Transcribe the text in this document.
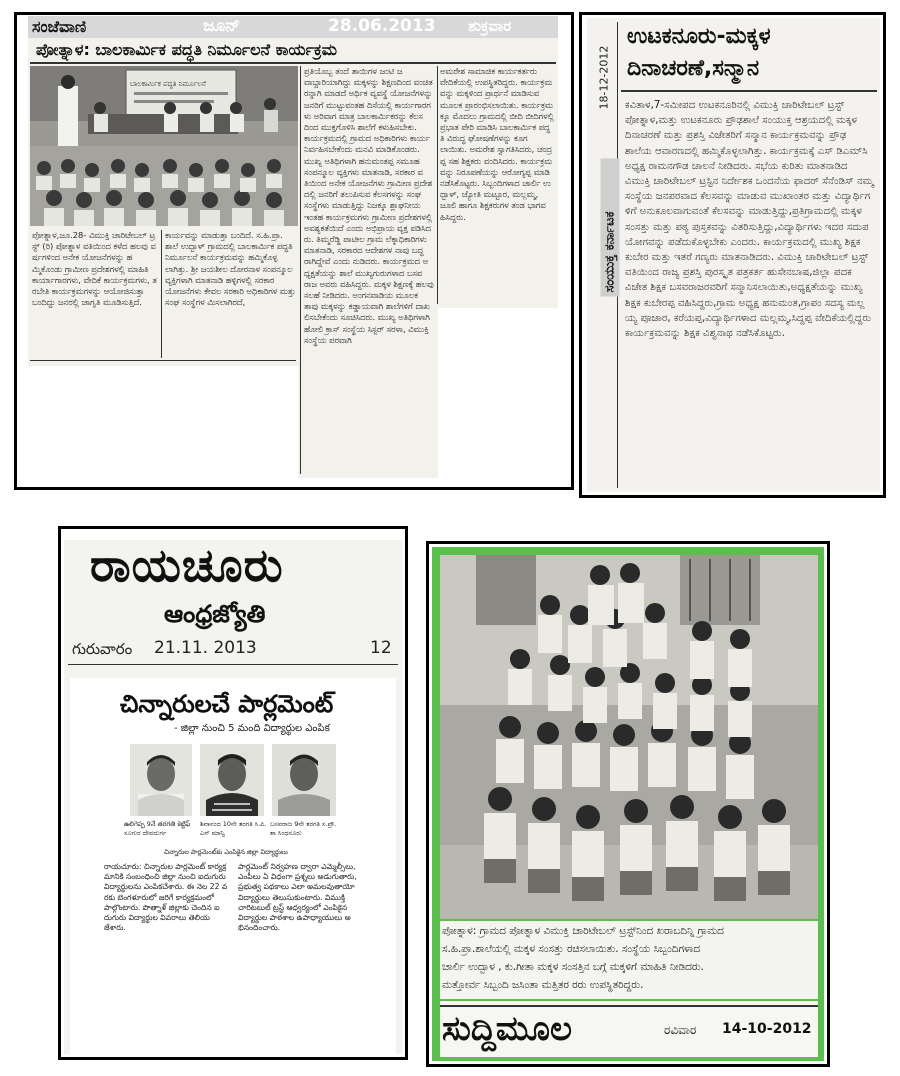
ಸಂಜೆವಾಣಿ	ಜೂನ್	28.06.2013 ಶುಕ್ರವಾರ
ಪೋತ್ನಾಳ: ಬಾಲಕಾರ್ಮಿಕ ಪದ್ಧತಿ ನಿರ್ಮೂಲನೆ ಕಾರ್ಯಕ್ರಮ
ಬಾಲಕಾರ್ಮಿಕ ಪದ್ಧತಿ ನಿರ್ಮೂಲನೆ
ಪೋತ್ನಾಳ,ಜೂ.28- ವಿಮುಕ್ತಿ ಚಾರಿಟೇಬಲ್ ಟ್ರಸ್ಟ್ (ರಿ) ಪೋತ್ನಾಳ ವತಿಯಿಂದ ಕಳೆದ ಹಲವು ವರ್ಷಗಳಿಂದ ಅನೇಕ ಯೋಜನೆಗಳನ್ನು ಹಮ್ಮಿಕೊಂಡು ಗ್ರಾಮೀಣ ಪ್ರದೇಶಗಳಲ್ಲಿ ಮಾಹಿತಿ ಕಾರ್ಯಾಗಾರಗಳು, ವೇದಿಕೆ ಕಾರ್ಯಕ್ರಮಗಳು, ತರಬೇತಿ ಕಾರ್ಯಕ್ರಮಗಳನ್ನು ಆಯೋಜಿಸುತ್ತಾ ಬಂದಿದ್ದು ಜನರಲ್ಲಿ ಜಾಗೃತಿ ಮೂಡಿಸುತ್ತಿದೆ.
ಕಾರ್ಯವನ್ನು ಮಾಡುತ್ತಾ ಬಂದಿದೆ. ಸ.ಹಿ.ಪ್ರಾ.ಶಾಲೆ ಉದ್ಬಾಳ್ ಗ್ರಾಮದಲ್ಲಿ ಬಾಲಕಾರ್ಮಿಕ ಪದ್ಧತಿ ನಿರ್ಮೂಲನೆ ಕಾರ್ಯಕ್ರಮವನ್ನು ಹಮ್ಮಿಕೊಳ್ಳಲಾಗಿತ್ತು. ಶ್ರೀ ಜಯಶೀಲ ದೋರನಾಳ ಸಂಪನ್ಮೂಲ ವ್ಯಕ್ತಿಗಳಾಗಿ ಮಾತನಾಡಿ ಹಳ್ಳಿಗಳಲ್ಲಿ ಸರಕಾರ ಯೋಜನೆಗಳು ಕೇವಲ ಸರಕಾರಿ ಅಧಿಕಾರಿಗಳ ಮತ್ತು ಸಂಘ ಸಂಸ್ಥೆಗಳ ಮಿಸಲಾಗಿರದೆ,
ಪ್ರತಿಯೊಬ್ಬ ತಂದೆ ತಾಯಿಗಳ ಜಂಟಿ ಜವಾಬ್ದಾರಿಯಾಗಿದ್ದು ಮಕ್ಕಳನ್ನು ಶಿಕ್ಷಣದಿಂದ ವಂಚಿತರನ್ನಾಗಿ ಮಾಡದೆ ಅರ್ಥಿಕ ವ್ಯವಸ್ಥೆ ಯೋಜನೆಗಳನ್ನು ಜನರಿಗೆ ಮುಟ್ಟುವಂತಹ ದಿಸೆಯಲ್ಲಿ ಕಾರ್ಯಗಾರಗಳು ಅರಿವಾಗ ಮಾತ್ರ ಬಾಲಕಾರ್ಮಿಕರನ್ನು ಕೆಲಸದಿಂದ ಮುಕ್ತಗೊಳಿಸಿ ಶಾಲೆಗೆ ಕಳುಹಿಸಬೇಕು. ಕಾರ್ಯಕ್ರಮದಲ್ಲಿ ಗ್ರಾಮದ ಅಧಿಕಾರಿಗಳು ಕಾರ್ಯನಿರ್ವಹಿಸಬೇಕೆಂದು ಮನವಿ ಮಾಡಿಕೊಂಡರು. ಮುಖ್ಯ ಅತಿಥಿಗಳಾಗಿ ಹನುಮಂತಪ್ಪ ಸಮೂಹ ಸಂಪನ್ಮೂಲ ವ್ಯಕ್ತಿಗಳು ಮಾತನಾಡಿ, ಸರಕಾರ ವತಿಯಿಂದ ಅನೇಕ ಯೋಜನೆಗಳು ಗ್ರಾಮೀಣ ಪ್ರದೇಶದಲ್ಲಿ ಜನರಿಗೆ ತಲುಪಿಸುವ ಕೆಲಸಗಳನ್ನು ಸಂಘ ಸಂಸ್ಥೆಗಳು ಮಾಡುತ್ತಿದ್ದು ನಿಜಕ್ಕೂ ಶ್ಲಾಘನೀಯ ಇಂತಹ ಕಾರ್ಯಕ್ರಮಗಳು ಗ್ರಾಮೀಣ ಪ್ರದೇಶಗಳಲ್ಲಿ ಅವಶ್ಯಕತೆಯಿದೆ ಎಂದು ಅಭಿಪ್ರಾಯ ವ್ಯಕ್ತ ಪಡಿಸಿದರು. ತಿಮ್ಮರೆಡ್ಡಿ ಪಾಟೀಲ ಗ್ರಾಮ ಲೆಕ್ಕಾಧಿಕಾರಿಗಳು ಮಾತನಾಡಿ, ಸರಕಾರದ ಆದೇಶಗಳ ನಾವು ಬದ್ಧರಾಗಿದ್ದೇವೆ ಎಂದು ನುಡಿದರು. ಕಾರ್ಯಕ್ರಮದ ಅಧ್ಯಕ್ಷತೆಯನ್ನು ಶಾಲೆ ಮುಖ್ಯಗುರುಗಳಾದ ಬಸವರಾಜ ಅವರು ವಹಿಸಿದ್ದರು. ಮಕ್ಕಳ ಶಿಕ್ಷಣಕ್ಕೆ ಹಲವು ಸಲಹೆ ನೀಡಿದರು. ಅಂಗನವಾಡಿಯ ಮೂಲಕ ತಾವು ಮಕ್ಕಳನ್ನು ಕಡ್ಡಾಯವಾಗಿ ಶಾಲೆಗಳಿಗೆ ದಾಖಲಿಸಬೇಕೆಂದು ಸೂಚಿಸಿದರು. ಮುಖ್ಯ ಅತಿಥಿಗಳಾಗಿ ಹೋಲಿ ಕ್ರಾಸ್ ಸಂಸ್ಥೆಯ ಸಿಸ್ಟರ್ ಸರಳಾ, ವಿಮುಕ್ತಿ ಸಂಸ್ಥೆಯ ಪರವಾಗಿ
ಅಮರೇಶ ಸಾಮಾಜಿಕ ಕಾರ್ಯಕರ್ತರು ವೇದಿಕೆಯಲ್ಲಿ ಉಪಸ್ಥಿತರಿದ್ದರು. ಕಾರ್ಯಕ್ರಮವನ್ನು ಮಕ್ಕಳಿಂದ ಪ್ರಾರ್ಥನೆ ಮಾಡಿಸುವ ಮೂಲಕ ಪ್ರಾರಂಭಿಸಲಾಯಿತು. ಕಾರ್ಯಕ್ರಮಕ್ಕೂ ಮೊದಲು ಗ್ರಾಮದಲ್ಲಿ ಬೀದಿ ಬೀದಿಗಳಲ್ಲಿ ಪ್ರಭಾತ ಪೇರಿ ಮಾಡಿಸಿ ಬಾಲಕಾರ್ಮಿಕ ಪದ್ಧತಿ ವಿರುದ್ಧ ಘೋಷಣೆಗಳನ್ನು ಕೂಗಲಾಯಿತು. ಅಮರೇಶ ಸ್ವಾಗತಿಸಿದರು, ಚಂದ್ರಪ್ಪ ಸಹ ಶಿಕ್ಷಕರು ವಂದಿಸಿದರು. ಕಾರ್ಯಕ್ರಮವನ್ನು ನಿರೂಪಣೆಯನ್ನು ಆರೋಗ್ಯಪ್ಪ ಮಾಡಿ ನಡೆಸಿಕೊಟ್ಟರು. ಸಿಬ್ಬಂದಿಗಳಾದ ಚಾರ್ಲಿ ಉದ್ಬಾಳ್, ಜ್ಯೋತಿ ಮಟ್ಟೂರ, ಮಲ್ಲಮ್ಮ, ಜೂಲಿ ಹಾಗೂ ಶಿಕ್ಷಕರುಗಳ ತಂಡ ಭಾಗವಹಿಸಿದ್ದರು.
ಉಟಕನೂರು-ಮಕ್ಕಳ
ದಿನಾಚರಣೆ,ಸನ್ಮಾನ
18-12-2012
ಸಂಯುಕ್ತ ಕರ್ನಾಟಕ
ಕವಿತಾಳ,7-ಸಮೀಪದ ಉಟಕನೂರಿನಲ್ಲಿ ವಿಮುಕ್ತಿ ಚಾರಿಟೇಬಲ್ ಟ್ರಸ್ಟ್ ಪೋತ್ನಾಳ,ಮತ್ತು ಉಟಕನೂರು ಪ್ರೌಢಶಾಲೆ ಸಂಯುಕ್ತ ಆಶ್ರಯದಲ್ಲಿ ಮಕ್ಕಳ ದಿನಾಚರಣೆ ಮತ್ತು ಪ್ರಶಸ್ತಿ ವಿಜೇತರಿಗೆ ಸನ್ಮಾನ ಕಾರ್ಯಕ್ರಮವನ್ನು ಪ್ರೌಢ ಶಾಲೆಯ ಆವಾರಣದಲ್ಲಿ ಹಮ್ಮಿಕೊಳ್ಳಲಾಗಿತ್ತು. ಕಾರ್ಯಕ್ರಮಕ್ಕೆ ಎಸ್ ಡಿಎಮ್‌ಸಿ ಅಧ್ಯಕ್ಷ ರಾಮನಗೌಡ ಚಾಲನೆ ನೀಡಿದರು. ಸಭೆಯ ಕುರಿತು ಮಾತನಾಡಿದ ವಿಮುಕ್ತಿ ಚಾರಿಟೇಬಲ್ ಟ್ರಸ್ಟಿನ ನಿರ್ದೇಶಕ ಒಂದನೆಯ ಫಾದರ್ ಸೆನೆಂಡಿಸ್ ನಮ್ಮ ಸಂಸ್ಥೆಯ ಜನಪರವಾದ ಕೆಲಸವನ್ನು ಮಾಡುವ ಮುಖಾಂತರ ಮತ್ತು ವಿದ್ಯಾರ್ಥಿಗಳಿಗೆ ಅನುಕೂಲವಾಗುವಂತೆ ಕೆಲಸವನ್ನು ಮಾಡುತ್ತಿದ್ದು,ಪ್ರತಿಗ್ರಾಮದಲ್ಲಿ ಮಕ್ಕಳ ಸಂಸತ್ತು ಮತ್ತು ಪಠ್ಯ ಪುಸ್ತಕವನ್ನು ವಿತರಿಸುತ್ತಿದ್ದು,ವಿದ್ಯಾರ್ಥಿಗಳು ಇದರ ಸದುಪಯೋಗವನ್ನು ಪಡೆದುಕೊಳ್ಳಬೇಕು ಎಂದರು. ಕಾರ್ಯಕ್ರಮದಲ್ಲಿ ಮುಖ್ಯ ಶಿಕ್ಷಕ ಕುಬೇರ ಮತ್ತು ಇತರೆ ಗಣ್ಯರು ಮಾತನಾಡಿದರು. ವಿಮುಕ್ತಿ ಚಾರಿಟೇಬಲ್ ಟ್ರಸ್ಟ್ ವತಿಯಿಂದ ರಾಜ್ಯ ಪ್ರಶಸ್ತಿ ಪುರಸ್ಕೃತ ಪತ್ರಕರ್ತ ಹುಸೇನಬಾಷ,ಜಿಲ್ಲಾ ಪದಕ ವಿಜೇತ ಶಿಕ್ಷಕ ಬಸವರಾಜರವರಿಗೆ ಸನ್ಮಾನಿಸಲಾಯಿತು,ಅಧ್ಯಕ್ಷತೆಯನ್ನು ಮುಖ್ಯ ಶಿಕ್ಷಕ ಕುಬೇರಪ್ಪ ವಹಿಸಿದ್ದರು,ಗ್ರಾಮ ಅಧ್ಯಕ್ಷ ಹನುಮಂತ,ಗ್ರಾಪಂ ಸದಸ್ಯ ಮಲ್ಲಯ್ಯ ಪೂಜಾರ, ಕರೆಯಪ್ಪ,ವಿದ್ಯಾರ್ಥಿಗಳಾದ ಮಲ್ಲಮ್ಮ,ಸಿದ್ದಪ್ಪ ವೇದಿಕೆಯಲ್ಲಿದ್ದರು ಕಾರ್ಯಕ್ರಮವನ್ನು ಶಿಕ್ಷಕ ವಿಶ್ವನಾಥ ನಡೆಸಿಕೊಟ್ಟರು.
ರಾಯಚೂರು
ఆంధ్రజ్యోతి
గురువారం 21.11. 2013	12
చిన్నారులచే పార్లమెంట్
- జిల్లా నుంచి 5 మంది విద్యార్థుల ఎంపిక
ఉలిగెప్ప 9నే తరగతి కెట్టిఫ్ ಸೂಗುರ ದೇವದುರ್ಗ
ಶಿವಾನಂದ 10ನೇ ತರಗತಿ ಸಿ.ಪಿ.ಎಸ್ ಮಾನ್ವಿ
ಬಸವರಾಜ 9ನೇ ತರಗತಿ ಸ.ಪ್ರೌ.ಶಾ ಸಿಂಧನೂರು
చిన్నారుల పార్లమెంట్‌కు ఎంపికైన జిల్లా విద్యార్థులు
రాయచూరు: చిన్నారుల పార్లమెంట్ కార్యక్రమానికి సంబంధించి జిల్లా నుంచి ఐదుగురు విద్యార్థులను ఎంపికచేశారు. ఈ నెల 22 వరకు బెంగళూరులో జరిగే కార్యక్రమంలో పాల్గొంటారు. పొత్నాళ్ జిల్లాకు చెందిన ఐదుగురు విద్యార్థుల వివరాలు తెలియజేశారు.
పార్లమెంట్ నిర్వహణ ద్వారా ఎమ్మెల్సీలు, ఎంపీలు ఏ విధంగా ప్రశ్నలు అడుగుతారు, ప్రభుత్వ పథకాలు ఎలా అమలవుతాయో విద్యార్థులు తెలుసుకుంటారు. విముక్తి చారిటబుల్ ట్రస్ట్ ఆధ్వర్యంలో ఎంపికైన విద్యార్థుల పాఠశాల ఉపాధ్యాయులు అభినందించారు.	ಪೋತ್ನಾಳ: ಗ್ರಾಮದ ಪೋತ್ನಾಳ ವಿಮುಕ್ತಿ ಚಾರಿಟೇಬಲ್ ಟ್ರಸ್ಟ್‌ನಿಂದ ಖರಾಬದಿನ್ನಿ ಗ್ರಾಮದ
ಸ.ಹಿ.ಪ್ರಾ.ಶಾಲೆಯಲ್ಲಿ ಮಕ್ಕಳ ಸಂಸತ್ತು ರಚಿಸಲಾಯಿತು. ಸಂಸ್ಥೆಯ ಸಿಬ್ಬಂದಿಗಳಾದ
ಚಾರ್ಲಿ ಉದ್ಬಾಳ , ಕು.ಗೀತಾ ಮಕ್ಕಳ ಸಂಸತ್ತಿನ ಬಗ್ಗೆ ಮಕ್ಕಳಿಗೆ ಮಾಹಿತಿ ನೀಡಿದರು.
ಮತ್ತೋರ್ವ ಸಿಬ್ಬಂದಿ ಜಸಿಂತಾ ಮತ್ತಿತರ ರರು ಉಪಸ್ಥಿತರಿದ್ದರು.
ಸುದ್ದಿಮೂಲ	ರವಿವಾರ 14-10-2012
